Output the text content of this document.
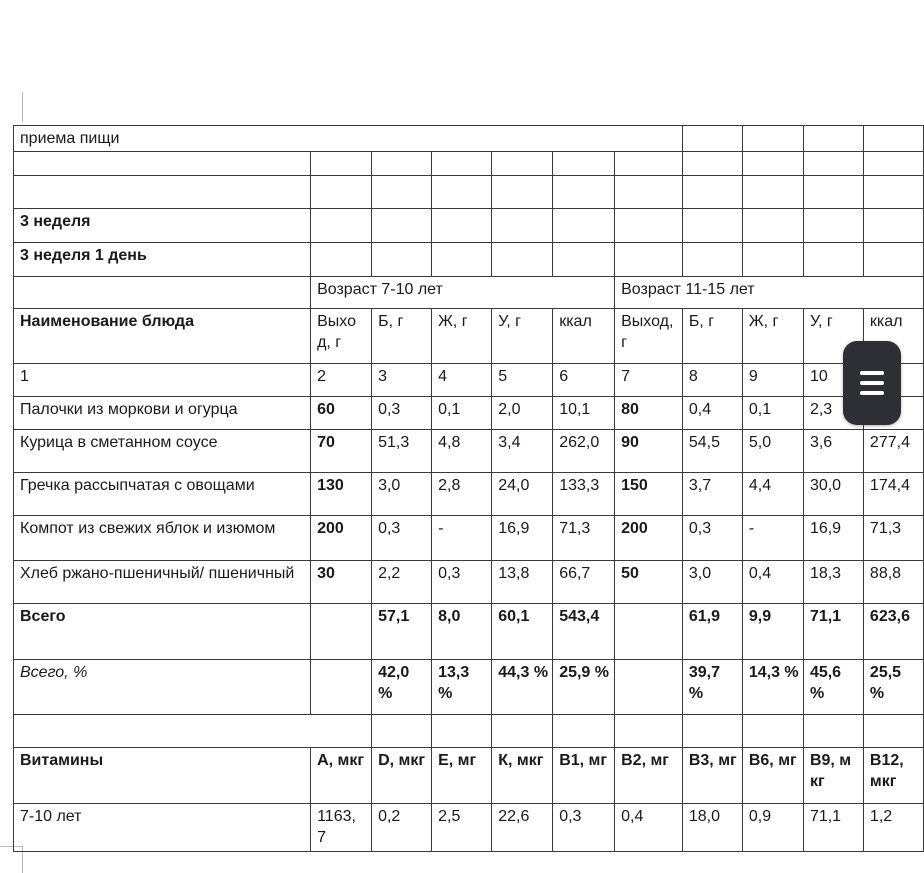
приема пищи										

3 неделя										
3 неделя 1 день										
	Возраст 7-10 лет					Возраст 11-15 лет				
Наименование блюда	Выход, г	Б, г	Ж, г	У, г	ккал	Выход, г	Б, г	Ж, г	У, г	ккал
1	2	3	4	5	6	7	8	9	10	
Палочки из моркови и огурца	60	0,3	0,1	2,0	10,1	80	0,4	0,1	2,3	
Курица в сметанном соусе	70	51,3	4,8	3,4	262,0	90	54,5	5,0	3,6	277,4
Гречка рассыпчатая с овощами	130	3,0	2,8	24,0	133,3	150	3,7	4,4	30,0	174,4
Компот из свежих яблок и изюмом	200	0,3	-	16,9	71,3	200	0,3	-	16,9	71,3
Хлеб ржано-пшеничный/ пшеничный	30	2,2	0,3	13,8	66,7	50	3,0	0,4	18,3	88,8
Всего		57,1	8,0	60,1	543,4		61,9	9,9	71,1	623,6
Всего, %		42,0 %	13,3 %	44,3 %	25,9 %		39,7 %	14,3 %	45,6 %	25,5 %

Витамины	А, мкг	D, мкг	Е, мг	К, мкг	В1, мг	В2, мг	В3, мг	В6, мг	В9, мкг	В12, мкг
7-10 лет	1163, 7	0,2	2,5	22,6	0,3	0,4	18,0	0,9	71,1	1,2
